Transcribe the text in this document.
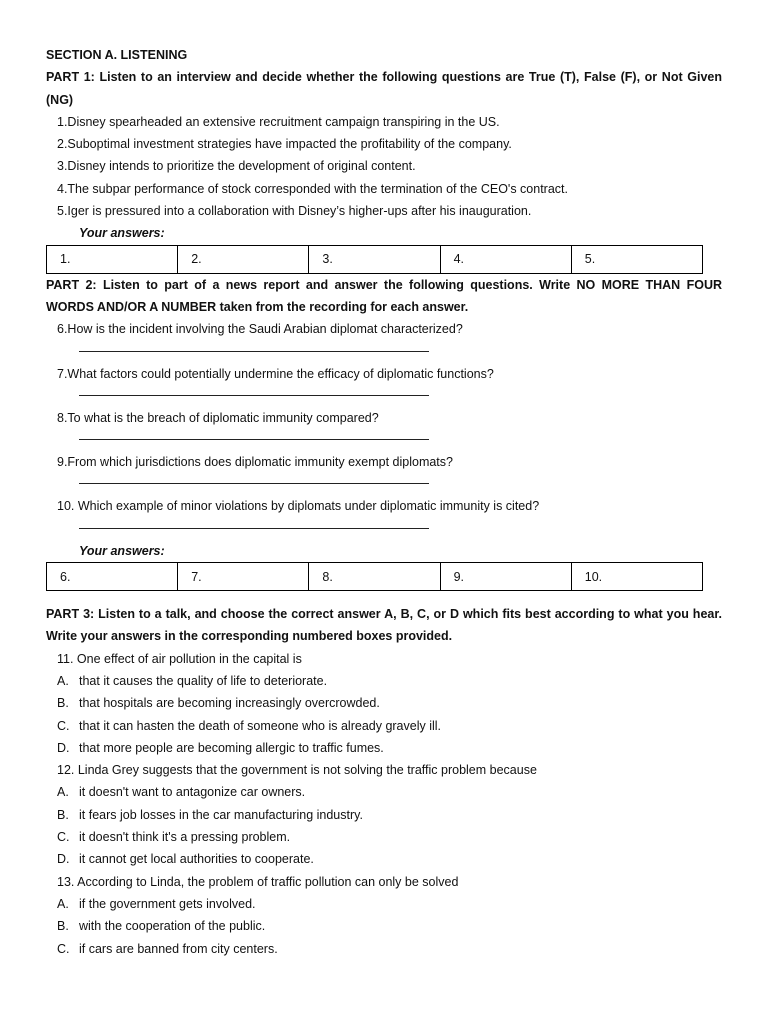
SECTION A. LISTENING
PART 1: Listen to an interview and decide whether the following questions are True (T), False (F), or Not Given
(NG)
1.Disney spearheaded an extensive recruitment campaign transpiring in the US.
2.Suboptimal investment strategies have impacted the profitability of the company.
3.Disney intends to prioritize the development of original content.
4.The subpar performance of stock corresponded with the termination of the CEO's contract.
5.Iger is pressured into a collaboration with Disney’s higher-ups after his inauguration.
Your answers:
1.	2.	3.	4.	5.
PART 2: Listen to part of a news report and answer the following questions. Write NO MORE THAN FOUR
WORDS AND/OR A NUMBER taken from the recording for each answer.
6.How is the incident involving the Saudi Arabian diplomat characterized?
7.What factors could potentially undermine the efficacy of diplomatic functions?
8.To what is the breach of diplomatic immunity compared?
9.From which jurisdictions does diplomatic immunity exempt diplomats?
10. Which example of minor violations by diplomats under diplomatic immunity is cited?
Your answers:
6.	7.	8.	9.	10.
PART 3: Listen to a talk, and choose the correct answer A, B, C, or D which fits best according to what you hear.
Write your answers in the corresponding numbered boxes provided.
11. One effect of air pollution in the capital is
A. that it causes the quality of life to deteriorate.
B. that hospitals are becoming increasingly overcrowded.
C. that it can hasten the death of someone who is already gravely ill.
D. that more people are becoming allergic to traffic fumes.
12. Linda Grey suggests that the government is not solving the traffic problem because
A. it doesn't want to antagonize car owners.
B. it fears job losses in the car manufacturing industry.
C. it doesn't think it's a pressing problem.
D. it cannot get local authorities to cooperate.
13. According to Linda, the problem of traffic pollution can only be solved
A. if the government gets involved.
B. with the cooperation of the public.
C. if cars are banned from city centers.
